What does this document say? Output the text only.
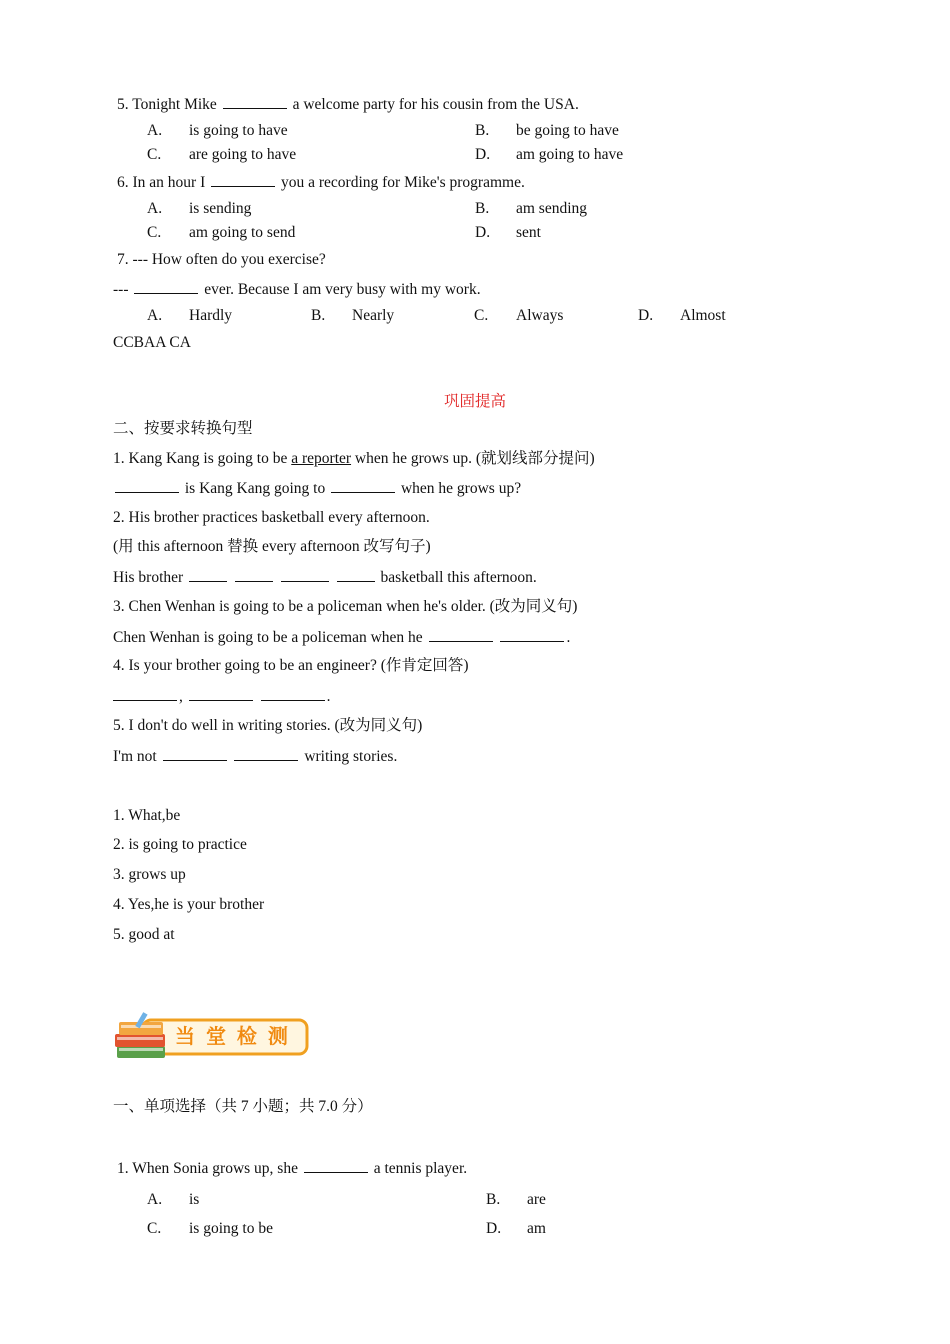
5. Tonight Mike	a welcome party for his cousin from the USA.
A. is going to have	B. be going to have
C. are going to have	D. am going to have
6. In an hour I	you a recording for Mike's programme.
A. is sending	B. am sending
C. am going to send	D. sent
7. --- How often do you exercise?
---	ever. Because I am very busy with my work.
A. Hardly	B. Nearly	C. Always	D. Almost
CCBAA CA
巩固提高
二、按要求转换句型
1. Kang Kang is going to be a reporter when he grows up. (就划线部分提问)
is Kang Kang going to	when he grows up?
2. His brother practices basketball every afternoon.
(用 this afternoon 替换 every afternoon 改写句子)
His brother	basketball this afternoon.
3. Chen Wenhan is going to be a policeman when he's older. (改为同义句)
Chen Wenhan is going to be a policeman when he	.
4. Is your brother going to be an engineer? (作肯定回答)
,	.
5. I don't do well in writing stories. (改为同义句)
I'm not	writing stories.
1. What,be
2. is going to practice
3. grows up
4. Yes,he is your brother
5. good at
当 堂 检 测
一、单项选择（共 7 小题；共 7.0 分）
1. When Sonia grows up, she	a tennis player.
A. is	B. are
C. is going to be	D. am
